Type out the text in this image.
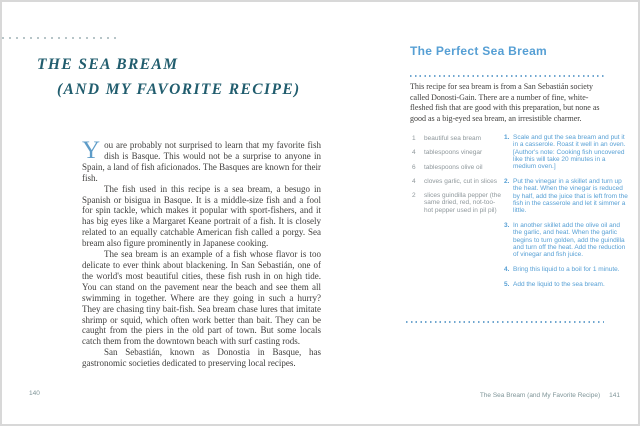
THE SEA BREAM
(AND MY FAVORITE RECIPE)

You are probably not surprised to learn that my favorite fish dish is Basque. This would not be a surprise to anyone in Spain, a land of fish aficionados. The Basques are known for their fish.

The fish used in this recipe is a sea bream, a besugo in Spanish or bisigua in Basque. It is a middle-size fish and a fool for spin tackle, which makes it popular with sport-fishers, and it has big eyes like a Margaret Keane portrait of a fish. It is closely related to an equally catchable American fish called a porgy. Sea bream also figure prominently in Japanese cooking.

The sea bream is an example of a fish whose flavor is too delicate to ever think about blackening. In San Sebastián, one of the world's most beautiful cities, these fish rush in on high tide. You can stand on the pavement near the beach and see them all swimming in together. Where are they going in such a hurry? They are chasing tiny bait-fish. Sea bream chase lures that imitate shrimp or squid, which often work better than bait. They can be caught from the piers in the old part of town. But some locals catch them from the downtown beach with surf casting rods.

San Sebastián, known as Donostia in Basque, has gastronomic societies dedicated to preserving local recipes.

140
The Perfect Sea Bream

This recipe for sea bream is from a San Sebastián society called Donosti-Gain. There are a number of fine, white-fleshed fish that are good with this preparation, but none as good as a big-eyed sea bream, an irresistible charmer.

1	beautiful sea bream
4	tablespoons vinegar
6	tablespoons olive oil
4	cloves garlic, cut in slices
2	slices guindilla pepper (the same dried, red, not-too-hot pepper used in pil pil)
1. Scale and gut the sea bream and put it in a casserole. Roast it well in an oven. [Author's note: Cooking fish uncovered like this will take 20 minutes in a medium oven.]
2. Put the vinegar in a skillet and turn up the heat. When the vinegar is reduced by half, add the juice that is left from the fish in the casserole and let it simmer a little.
3. In another skillet add the olive oil and the garlic, and heat. When the garlic begins to turn golden, add the guindilla and turn off the heat. Add the reduction of vinegar and fish juice.
4. Bring this liquid to a boil for 1 minute.
5. Add the liquid to the sea bream.
The Sea Bream (and My Favorite Recipe) 141
